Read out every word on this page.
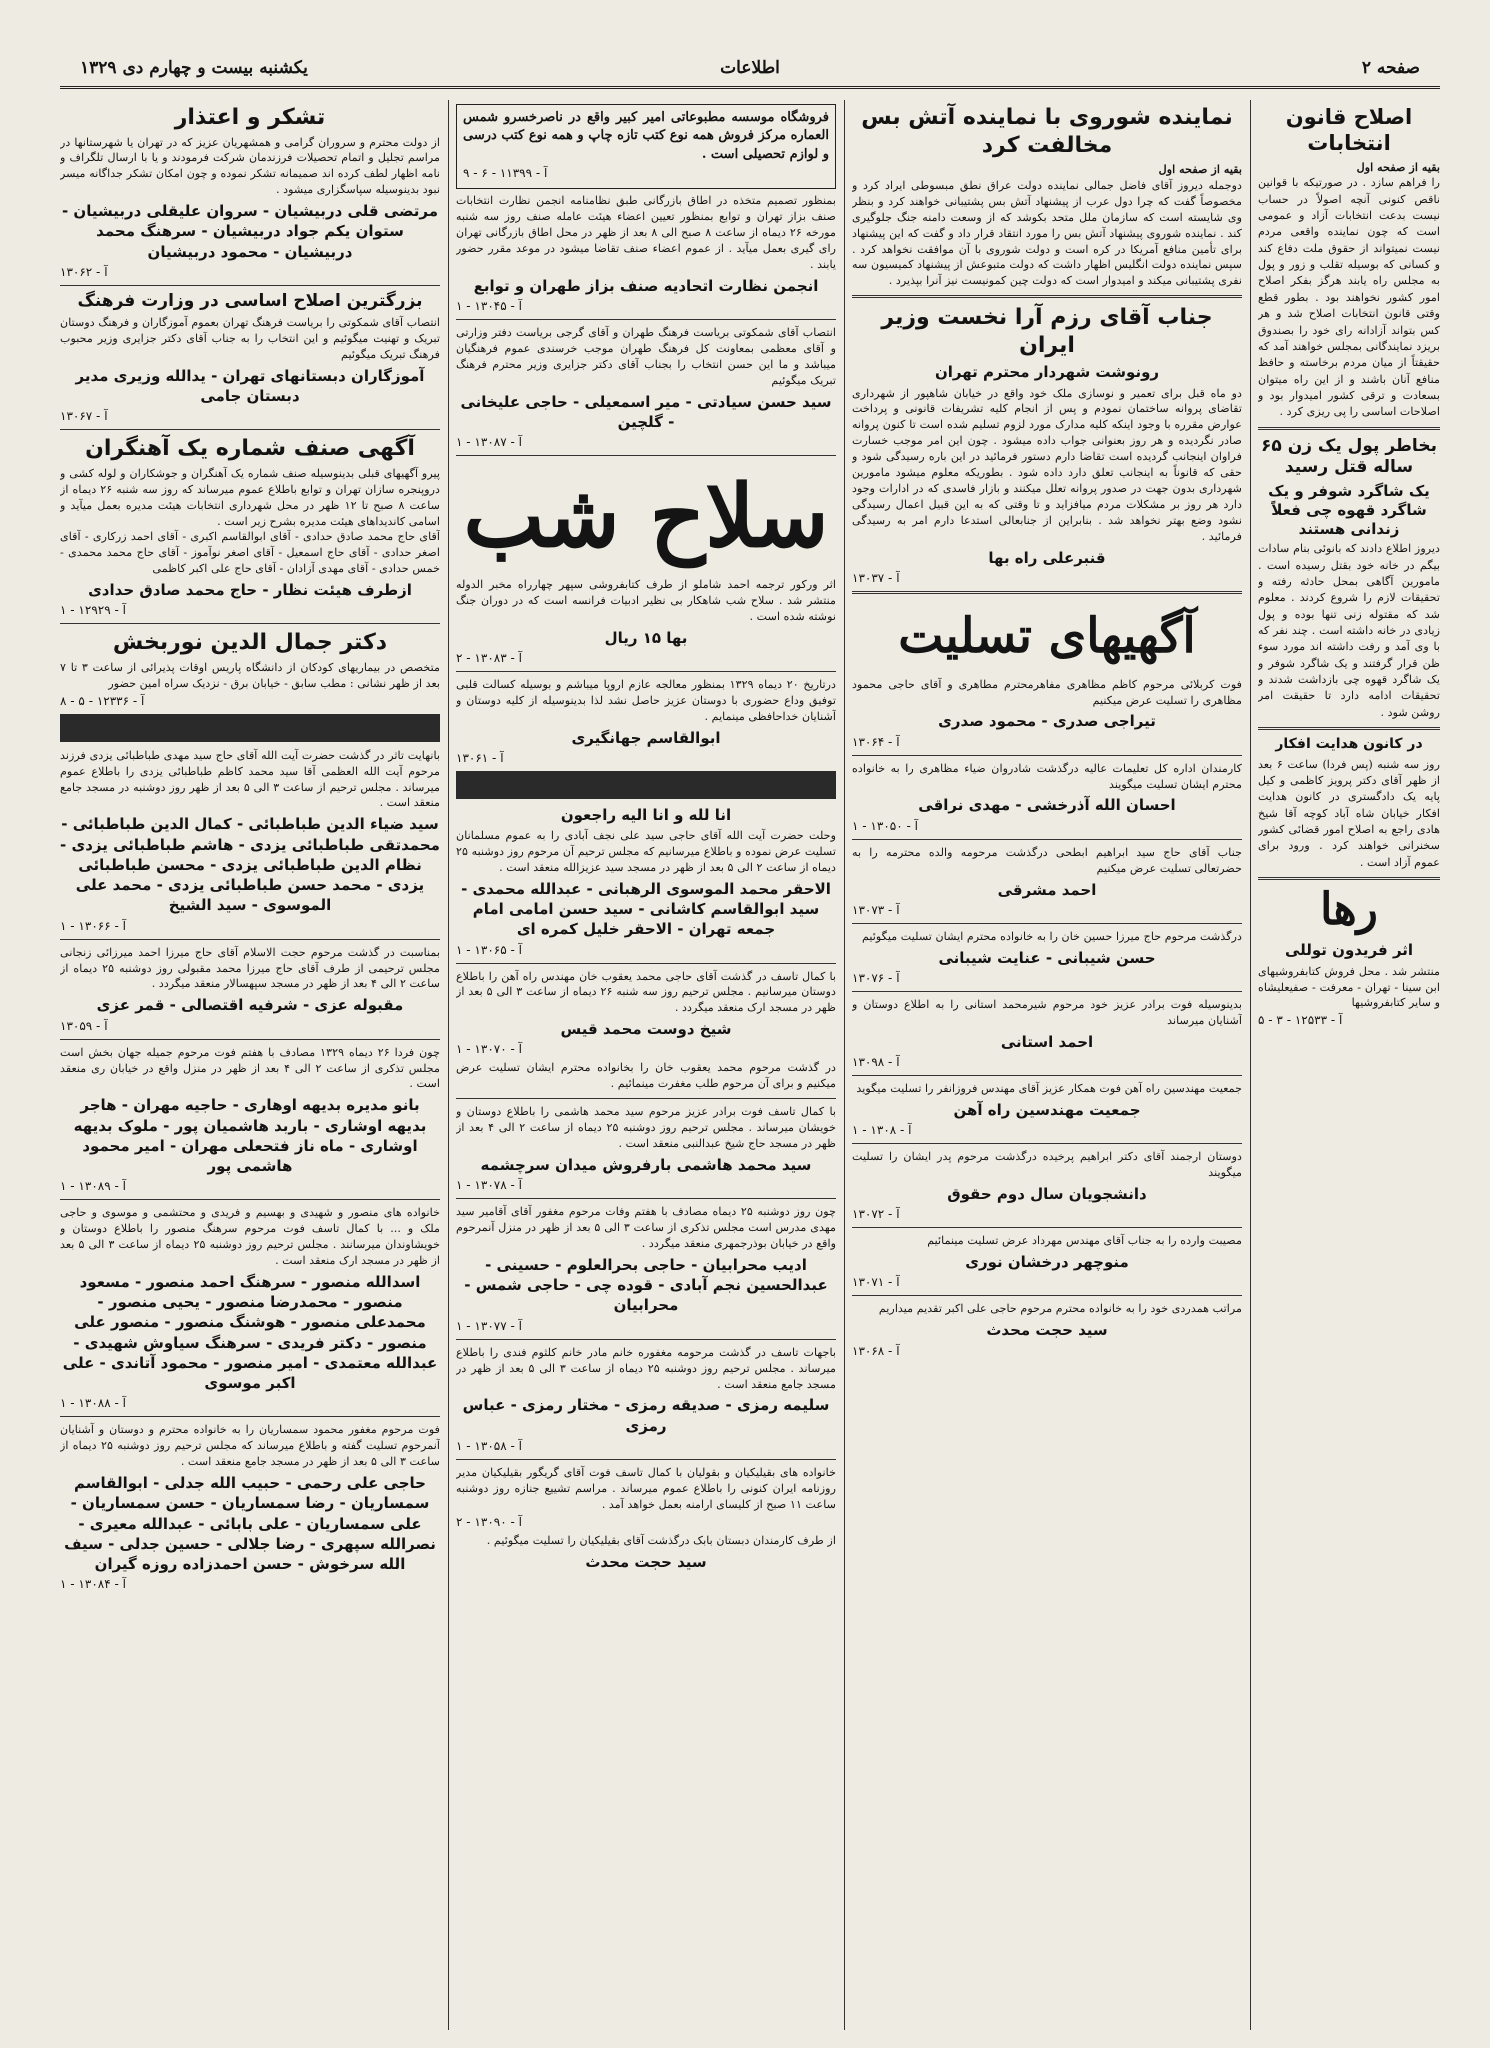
صفحه ۲
اطلاعات
یکشنبه بیست و چهارم دی ۱۳۲۹
اصلاح قانون انتخابات
بقیه از صفحه اول
را فراهم سازد . در صورتیکه با قوانین ناقص کنونی آنچه اصولاً در حساب نیست بدعت انتخابات آزاد و عمومی است که چون نماینده واقعی مردم نیست نمیتواند از حقوق ملت دفاع کند و کسانی که بوسیله تقلب و زور و پول به مجلس راه یابند هرگز بفکر اصلاح امور کشور نخواهند بود . بطور قطع وقتی قانون انتخابات اصلاح شد و هر کس بتواند آزادانه رای خود را بصندوق بریزد نمایندگانی بمجلس خواهند آمد که حقیقتاً از میان مردم برخاسته و حافظ منافع آنان باشند و از این راه میتوان بسعادت و ترقی کشور امیدوار بود و اصلاحات اساسی را پی ریزی کرد .
بخاطر پول یک زن ۶۵ ساله قتل رسید
یک شاگرد شوفر و یک شاگرد قهوه چی فعلاً زندانی هستند
دیروز اطلاع دادند که بانوئی بنام سادات بیگم در خانه خود بقتل رسیده است . مامورین آگاهی بمحل حادثه رفته و تحقیقات لازم را شروع کردند . معلوم شد که مقتوله زنی تنها بوده و پول زیادی در خانه داشته است . چند نفر که با وی آمد و رفت داشته اند مورد سوء ظن قرار گرفتند و یک شاگرد شوفر و یک شاگرد قهوه چی بازداشت شدند و تحقیقات ادامه دارد تا حقیقت امر روشن شود .
در کانون هدایت افکار
روز سه شنبه (پس فردا) ساعت ۶ بعد از ظهر آقای دکتر پرویز کاظمی و کیل پایه یک دادگستری در کانون هدایت افکار خیابان شاه آباد کوچه آقا شیخ هادی راجع به اصلاح امور قضائی کشور سخنرانی خواهند کرد . ورود برای عموم آزاد است .
رها
اثر فریدون توللی
منتشر شد . محل فروش کتابفروشیهای ابن سینا - تهران - معرفت - صفیعلیشاه و سایر کتابفروشیها
آ - ۱۲۵۳۳ - ۳ - ۵
نماینده شوروی با نماینده آتش بس مخالفت کرد
بقیه از صفحه اول
دوجمله دیروز آقای فاضل جمالی نماینده دولت عراق نطق مبسوطی ایراد کرد و مخصوصاً گفت که چرا دول عرب از پیشنهاد آتش بس پشتیبانی خواهند کرد و بنظر وی شایسته است که سازمان ملل متحد بکوشد که از وسعت دامنه جنگ جلوگیری کند . نماینده شوروی پیشنهاد آتش بس را مورد انتقاد قرار داد و گفت که این پیشنهاد برای تأمین منافع آمریکا در کره است و دولت شوروی با آن موافقت نخواهد کرد . سپس نماینده دولت انگلیس اظهار داشت که دولت متبوعش از پیشنهاد کمیسیون سه نفری پشتیبانی میکند و امیدوار است که دولت چین کمونیست نیز آنرا بپذیرد .
جناب آقای رزم آرا نخست وزیر ایران
رونوشت شهردار محترم تهران
دو ماه قبل برای تعمیر و نوسازی ملک خود واقع در خیابان شاهپور از شهرداری تقاضای پروانه ساختمان نمودم و پس از انجام کلیه تشریفات قانونی و پرداخت عوارض مقرره با وجود اینکه کلیه مدارک مورد لزوم تسلیم شده است تا کنون پروانه صادر نگردیده و هر روز بعنوانی جواب داده میشود . چون این امر موجب خسارت فراوان اینجانب گردیده است تقاضا دارم دستور فرمائید در این باره رسیدگی شود و حقی که قانوناً به اینجانب تعلق دارد داده شود . بطوریکه معلوم میشود مامورین شهرداری بدون جهت در صدور پروانه تعلل میکنند و بازار فاسدی که در ادارات وجود دارد هر روز بر مشکلات مردم میافزاید و تا وقتی که به این قبیل اعمال رسیدگی نشود وضع بهتر نخواهد شد . بنابراین از جنابعالی استدعا دارم امر به رسیدگی فرمائید .
قنبرعلی راه بها
آ - ۱۳۰۳۷
آگهیهای تسلیت
فوت کربلائی مرحوم کاظم مظاهری مفاهرمحترم مطاهری و آقای حاجی محمود مظاهری را تسلیت عرض میکنیم
تیراجی صدری - محمود صدری
آ - ۱۳۰۶۴
کارمندان اداره کل تعلیمات عالیه درگذشت شادروان ضیاء مظاهری را به خانواده محترم ایشان تسلیت میگویند
احسان الله آذرخشی - مهدی نراقی
آ - ۱۳۰۵۰ - ۱
جناب آقای حاج سید ابراهیم ابطحی درگذشت مرحومه والده محترمه را به حضرتعالی تسلیت عرض میکنیم
احمد مشرقی
آ - ۱۳۰۷۳
درگذشت مرحوم حاج میرزا حسین خان را به خانواده محترم ایشان تسلیت میگوئیم
حسن شیبانی - عنایت شیبانی
آ - ۱۳۰۷۶
بدینوسیله فوت برادر عزیز خود مرحوم شیرمحمد استانی را به اطلاع دوستان و آشنایان میرساند
احمد استانی
آ - ۱۳۰۹۸
جمعیت مهندسین راه آهن فوت همکار عزیز آقای مهندس فروزانفر را تسلیت میگوید
جمعیت مهندسین راه آهن
آ - ۱۳۰۸ - ۱
دوستان ارجمند آقای دکتر ابراهیم پرخیده درگذشت مرحوم پدر ایشان را تسلیت میگویند
دانشجویان سال دوم حقوق
آ - ۱۳۰۷۲
مصیبت وارده را به جناب آقای مهندس مهرداد عرض تسلیت مینمائیم
منوچهر درخشان نوری
آ - ۱۳۰۷۱
مراتب همدردی خود را به خانواده محترم مرحوم حاجی علی اکبر تقدیم میداریم
سید حجت محدث
آ - ۱۳۰۶۸
فروشگاه موسسه مطبوعاتی امیر کبیر واقع در ناصرخسرو شمس العماره مرکز فروش همه نوع کتب تازه چاپ و همه نوع کتب درسی و لوازم تحصیلی است .
آ - ۱۱۳۹۹ - ۶ - ۹
بمنظور تصمیم متخذه در اطاق بازرگانی طبق نظامنامه انجمن نظارت انتخابات صنف بزاز تهران و توابع بمنظور تعیین اعضاء هیئت عامله صنف روز سه شنبه مورخه ۲۶ دیماه از ساعت ۸ صبح الی ۸ بعد از ظهر در محل اطاق بازرگانی تهران رای گیری بعمل میآید . از عموم اعضاء صنف تقاضا میشود در موعد مقرر حضور یابند .
انجمن نظارت اتحادیه صنف بزاز طهران و توابع
آ - ۱۳۰۴۵ - ۱
انتصاب آقای شمکوتی بریاست فرهنگ طهران و آقای گرجی بریاست دفتر وزارتی و آقای معظمی بمعاونت کل فرهنگ طهران موجب خرسندی عموم فرهنگیان میباشد و ما این حسن انتخاب را بجناب آقای دکتر جزایری وزیر محترم فرهنگ تبریک میگوئیم
سید حسن سیادتی - میر اسمعیلی - حاجی علیخانی - گلچین
آ - ۱۳۰۸۷ - ۱
سلاح شب
اثر ورکور ترجمه احمد شاملو از طرف کتابفروشی سپهر چهارراه مخبر الدوله منتشر شد . سلاح شب شاهکار بی نظیر ادبیات فرانسه است که در دوران جنگ نوشته شده است .
بها ۱۵ ریال
آ - ۱۳۰۸۳ - ۲
درتاریخ ۲۰ دیماه ۱۳۲۹ بمنظور معالجه عازم اروپا میباشم و بوسیله کسالت قلبی توفیق وداع حضوری با دوستان عزیز حاصل نشد لذا بدینوسیله از کلیه دوستان و آشنایان خداحافظی مینمایم .
ابوالقاسم جهانگیری
آ - ۱۳۰۶۱
انا لله و انا الیه راجعون
وحلت حضرت آیت الله آقای حاجی سید علی نجف آبادی را به عموم مسلمانان تسلیت عرض نموده و باطلاع میرسانیم که مجلس ترحیم آن مرحوم روز دوشنبه ۲۵ دیماه از ساعت ۲ الی ۵ بعد از ظهر در مسجد سید عزیزالله منعقد است .
الاحقر محمد الموسوی الرهبانی - عبدالله محمدی - سید ابوالقاسم کاشانی - سید حسن امامی امام جمعه تهران - الاحقر خلیل کمره ای
آ - ۱۳۰۶۵ - ۱
با کمال تاسف در گذشت آقای حاجی محمد یعقوب خان مهندس راه آهن را باطلاع دوستان میرسانیم . مجلس ترحیم روز سه شنبه ۲۶ دیماه از ساعت ۳ الی ۵ بعد از ظهر در مسجد ارک منعقد میگردد .
شیخ دوست محمد قیس
آ - ۱۳۰۷۰ - ۱
در گذشت مرحوم محمد یعقوب خان را بخانواده محترم ایشان تسلیت عرض میکنیم و برای آن مرحوم طلب مغفرت مینمائیم .
با کمال تاسف فوت برادر عزیز مرحوم سید محمد هاشمی را باطلاع دوستان و خویشان میرساند . مجلس ترحیم روز دوشنبه ۲۵ دیماه از ساعت ۲ الی ۴ بعد از ظهر در مسجد حاج شیخ عبدالنبی منعقد است .
سید محمد هاشمی بارفروش میدان سرچشمه
آ - ۱۳۰۷۸ - ۱
چون روز دوشنبه ۲۵ دیماه مصادف با هفتم وفات مرحوم مغفور آقای آقامیر سید مهدی مدرس است مجلس تذکری از ساعت ۳ الی ۵ بعد از ظهر در منزل آنمرحوم واقع در خیابان بوذرجمهری منعقد میگردد .
ادیب محرابیان - حاجی بحرالعلوم - حسینی - عبدالحسین نجم آبادی - قوده چی - حاجی شمس - محرابیان
آ - ۱۳۰۷۷ - ۱
باجهات تاسف در گذشت مرحومه مغفوره خانم مادر خانم کلثوم فندی را باطلاع میرساند . مجلس ترحیم روز دوشنبه ۲۵ دیماه از ساعت ۳ الی ۵ بعد از ظهر در مسجد جامع منعقد است .
سلیمه رمزی - صدیقه رمزی - مختار رمزی - عباس رمزی
آ - ۱۳۰۵۸ - ۱
خانواده های بقیلیکیان و بقولیان با کمال تاسف فوت آقای گریگور بقیلیکیان مدیر روزنامه ایران کنونی را باطلاع عموم میرساند . مراسم تشییع جنازه روز دوشنبه ساعت ۱۱ صبح از کلیسای ارامنه بعمل خواهد آمد .
آ - ۱۳۰۹۰ - ۲
از طرف کارمندان دبستان بابک درگذشت آقای بقیلیکیان را تسلیت میگوئیم .
سید حجت محدث
تشکر و اعتذار
از دولت محترم و سروران گرامی و همشهریان عزیز که در تهران یا شهرستانها در مراسم تجلیل و اتمام تحصیلات فرزندمان شرکت فرمودند و یا با ارسال تلگراف و نامه اظهار لطف کرده اند صمیمانه تشکر نموده و چون امکان تشکر جداگانه میسر نبود بدینوسیله سپاسگزاری میشود .
مرتضی قلی دربیشیان - سروان علیقلی دربیشیان - ستوان یکم جواد دربیشیان - سرهنگ محمد دربیشیان - محمود دربیشیان
آ - ۱۳۰۶۲
بزرگترین اصلاح اساسی در وزارت فرهنگ
انتصاب آقای شمکوتی را بریاست فرهنگ تهران بعموم آموزگاران و فرهنگ دوستان تبریک و تهنیت میگوئیم و این انتخاب را به جناب آقای دکتر جزایری وزیر محبوب فرهنگ تبریک میگوئیم
آموزگاران دبستانهای تهران - یدالله وزیری مدیر دبستان جامی
آ - ۱۳۰۶۷
آگهی صنف شماره یک آهنگران
پیرو آگهیهای قبلی بدینوسیله صنف شماره یک آهنگران و جوشکاران و لوله کشی و دروپنجره سازان تهران و توابع باطلاع عموم میرساند که روز سه شنبه ۲۶ دیماه از ساعت ۸ صبح تا ۱۲ ظهر در محل شهرداری انتخابات هیئت مدیره بعمل میآید و اسامی کاندیداهای هیئت مدیره بشرح زیر است .
آقای حاج محمد صادق حدادی - آقای ابوالقاسم اکبری - آقای احمد زرکاری - آقای اصغر حدادی - آقای حاج اسمعیل - آقای اصغر نوآموز - آقای حاج محمد محمدی - خمس حدادی - آقای مهدی آزادان - آقای حاج علی اکبر کاظمی
ازطرف هیئت نظار - حاج محمد صادق حدادی
آ - ۱۲۹۲۹ - ۱
دکتر جمال الدین نوربخش
متخصص در بیماریهای کودکان از دانشگاه پاریس اوقات پذیرائی از ساعت ۳ تا ۷ بعد از ظهر نشانی : مطب سابق - خیابان برق - نزدیک سراه امین حضور
آ - ۱۲۳۳۶ - ۵ - ۸
بانهایت تاثر در گذشت حضرت آیت الله آقای حاج سید مهدی طباطبائی یزدی فرزند مرحوم آیت الله العظمی آقا سید محمد کاظم طباطبائی یزدی را باطلاع عموم میرساند . مجلس ترحیم از ساعت ۳ الی ۵ بعد از ظهر روز دوشنبه در مسجد جامع منعقد است .
سید ضیاء الدین طباطبائی - کمال الدین طباطبائی - محمدتقی طباطبائی یزدی - هاشم طباطبائی یزدی - نظام الدین طباطبائی یزدی - محسن طباطبائی یزدی - محمد حسن طباطبائی یزدی - محمد علی الموسوی - سید الشیخ
آ - ۱۳۰۶۶ - ۱
بمناسبت در گذشت مرحوم حجت الاسلام آقای حاج میرزا احمد میرزائی زنجانی مجلس ترحیمی از طرف آقای حاج میرزا محمد مقبولی روز دوشنبه ۲۵ دیماه از ساعت ۲ الی ۴ بعد از ظهر در مسجد سپهسالار منعقد میگردد .
مقبوله عزی - شرفیه اقتصالی - قمر عزی
آ - ۱۳۰۵۹
چون فردا ۲۶ دیماه ۱۳۲۹ مصادف با هفتم فوت مرحوم جمیله جهان بخش است مجلس تذکری از ساعت ۲ الی ۴ بعد از ظهر در منزل واقع در خیابان ری منعقد است .
بانو مدیره بدیهه اوهاری - حاجیه مهران - هاجر بدیهه اوشاری - باربد هاشمیان پور - ملوک بدیهه اوشاری - ماه ناز فتحعلی مهران - امیر محمود هاشمی پور
آ - ۱۳۰۸۹ - ۱
خانواده های منصور و شهیدی و بهسیم و فریدی و محتشمی و موسوی و حاجی ملک و ... با کمال تاسف فوت مرحوم سرهنگ منصور را باطلاع دوستان و خویشاوندان میرسانند . مجلس ترحیم روز دوشنبه ۲۵ دیماه از ساعت ۳ الی ۵ بعد از ظهر در مسجد ارک منعقد است .
اسدالله منصور - سرهنگ احمد منصور - مسعود منصور - محمدرضا منصور - یحیی منصور - محمدعلی منصور - هوشنگ منصور - منصور علی منصور - دکتر فریدی - سرهنگ سیاوش شهیدی - عبدالله معتمدی - امیر منصور - محمود آتاندی - علی اکبر موسوی
آ - ۱۳۰۸۸ - ۱
فوت مرحوم مغفور محمود سمساریان را به خانواده محترم و دوستان و آشنایان آنمرحوم تسلیت گفته و باطلاع میرساند که مجلس ترحیم روز دوشنبه ۲۵ دیماه از ساعت ۳ الی ۵ بعد از ظهر در مسجد جامع منعقد است .
حاجی علی رحمی - حبیب الله جدلی - ابوالقاسم سمساریان - رضا سمساریان - حسن سمساریان - علی سمساریان - علی بابائی - عبدالله معیری - نصرالله سپهری - رضا جلالی - حسین جدلی - سیف الله سرخوش - حسن احمدزاده روزه گیران
آ - ۱۳۰۸۴ - ۱
